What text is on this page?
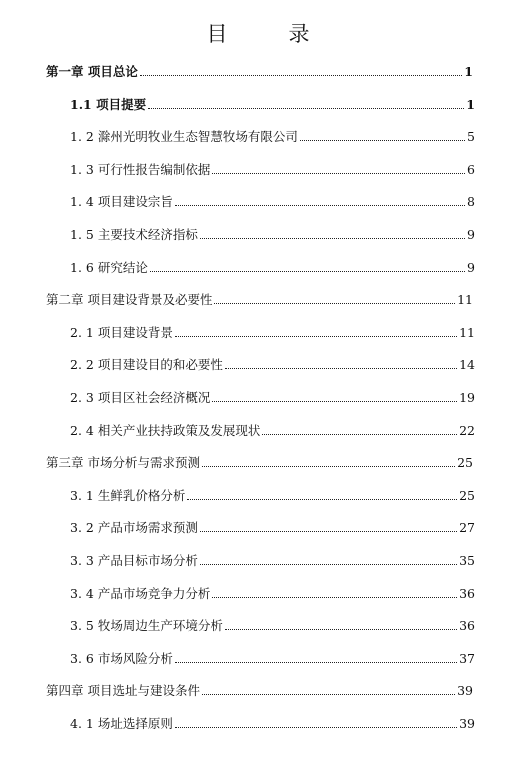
目　录
第一章 项目总论	1
1.1 项目提要	1
1. 2 滁州光明牧业生态智慧牧场有限公司	5
1. 3 可行性报告编制依据	6
1. 4 项目建设宗旨	8
1. 5 主要技术经济指标	9
1. 6 研究结论	9
第二章 项目建设背景及必要性	11
2. 1 项目建设背景	11
2. 2 项目建设目的和必要性	14
2. 3 项目区社会经济概况	19
2. 4 相关产业扶持政策及发展现状	22
第三章 市场分析与需求预测	25
3. 1 生鲜乳价格分析	25
3. 2 产品市场需求预测	27
3. 3 产品目标市场分析	35
3. 4 产品市场竞争力分析	36
3. 5 牧场周边生产环境分析	36
3. 6 市场风险分析	37
第四章 项目选址与建设条件	39
4. 1 场址选择原则	39
